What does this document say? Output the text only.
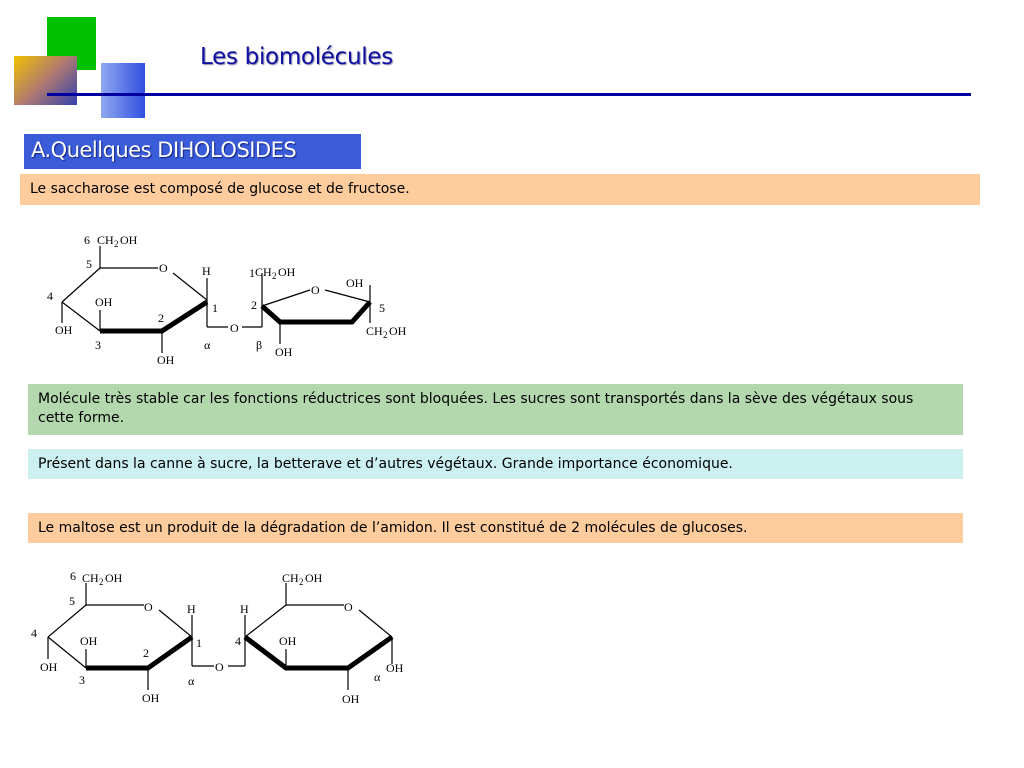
Les biomolécules
A.Quellques DIHOLOSIDES
Le saccharose est composé de glucose et de fructose.
6 CH 2 OH
5	O
4
OH
OH
2
3
OH
H
1
α
O
1 CH 2 OH
2
O OH
5
CH 2 OH
OH
β
Molécule très stable car les fonctions réductrices sont bloquées. Les sucres sont transportés dans la sève des végétaux sous cette forme.
Présent dans la canne à sucre, la betterave et d’autres végétaux. Grande importance économique.
Le maltose est un produit de la dégradation de l’amidon. Il est constitué de 2 molécules de glucoses.
6 CH 2 OH
5	O
4
OH
OH
2
3
OH
H
1
α
O
H
4
CH 2 OH
O
OH
OH
OH
α
